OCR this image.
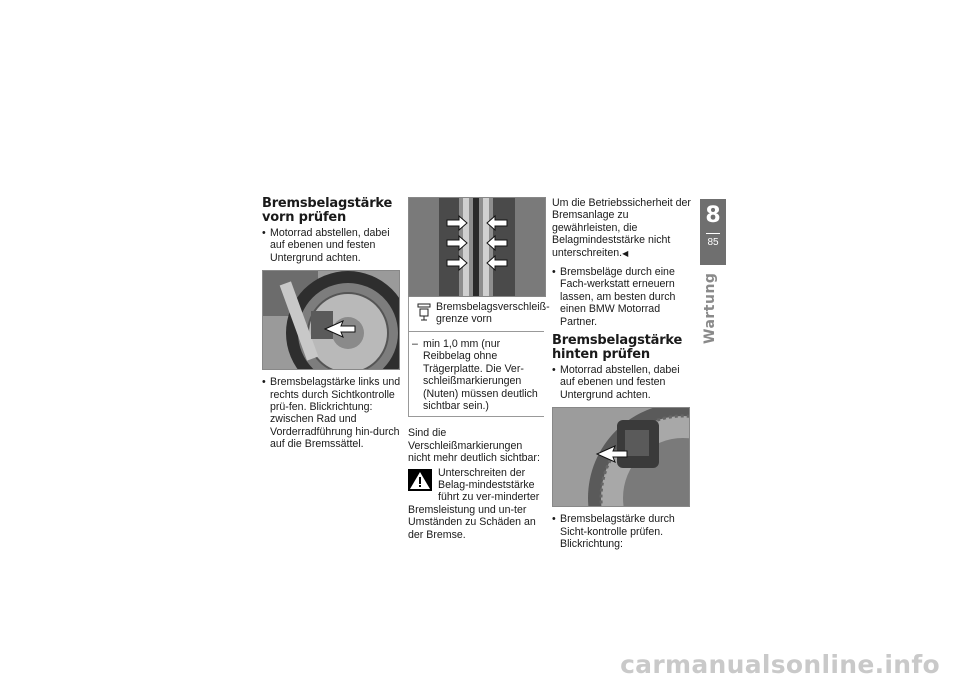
Bremsbelagstärke vorn prüfen
• Motorrad abstellen, dabei auf ebenen und festen Untergrund achten.
• Bremsbelagstärke links und rechts durch Sichtkontrolle prü-fen. Blickrichtung: zwischen Rad und Vorderradführung hin-durch auf die Bremssättel.
Bremsbelagsverschleiß-grenze vorn
– min 1,0 mm (nur Reibbelag ohne Trägerplatte. Die Ver-schleißmarkierungen (Nuten) müssen deutlich sichtbar sein.)

Sind die Verschleißmarkierungen nicht mehr deutlich sichtbar:

Unterschreiten der Belag-mindeststärke führt zu ver-minderter Bremsleistung und un-ter Umständen zu Schäden an der Bremse.

Um die Betriebssicherheit der Bremsanlage zu gewährleisten, die Belagmindeststärke nicht unterschreiten.◀

• Bremsbeläge durch eine Fach-werkstatt erneuern lassen, am besten durch einen BMW Motorrad Partner.
Bremsbelagstärke hinten prüfen
• Motorrad abstellen, dabei auf ebenen und festen Untergrund achten.
• Bremsbelagstärke durch Sicht-kontrolle prüfen. Blickrichtung:
8
85
Wartung
carmanualsonline.info
